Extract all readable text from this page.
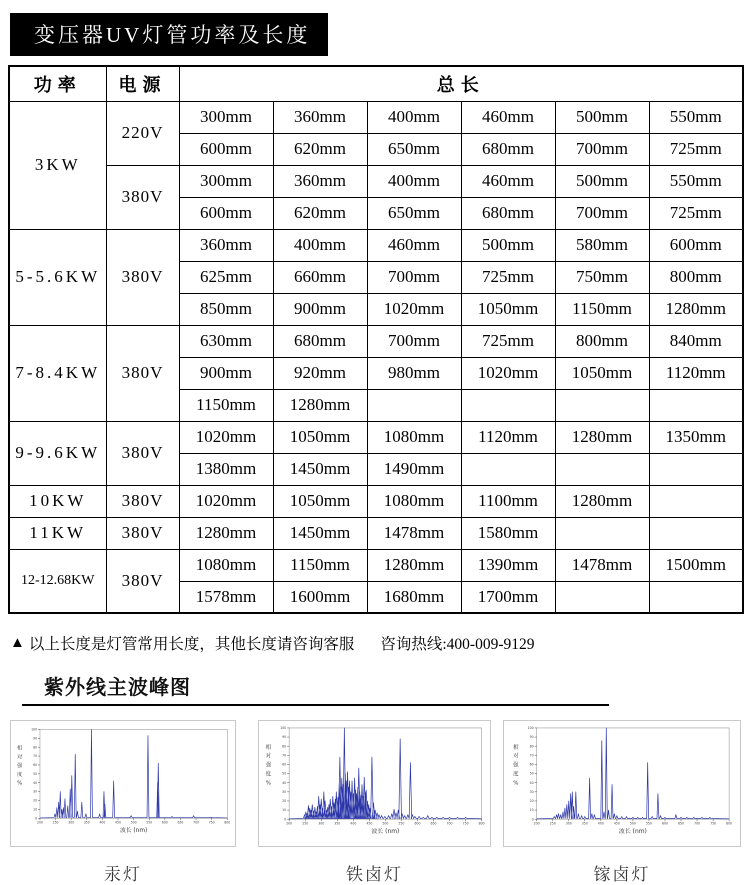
变压器UV灯管功率及长度
功率	电源	总长					
3KW	220V	300mm	360mm	400mm	460mm	500mm	550mm
		600mm	620mm	650mm	680mm	700mm	725mm
	380V	300mm	360mm	400mm	460mm	500mm	550mm
		600mm	620mm	650mm	680mm	700mm	725mm
5-5.6KW	380V	360mm	400mm	460mm	500mm	580mm	600mm
		625mm	660mm	700mm	725mm	750mm	800mm
		850mm	900mm	1020mm	1050mm	1150mm	1280mm
7-8.4KW	380V	630mm	680mm	700mm	725mm	800mm	840mm
		900mm	920mm	980mm	1020mm	1050mm	1120mm
		1150mm	1280mm				
9-9.6KW	380V	1020mm	1050mm	1080mm	1120mm	1280mm	1350mm
		1380mm	1450mm	1490mm			
10KW	380V	1020mm	1050mm	1080mm	1100mm	1280mm	
11KW	380V	1280mm	1450mm	1478mm	1580mm		
12-12.68KW	380V	1080mm	1150mm	1280mm	1390mm	1478mm	1500mm
		1578mm	1600mm	1680mm	1700mm		
▲ 以上长度是灯管常用长度，其他长度请咨询客服 咨询热线:400-009-9129
紫外线主波峰图
0
10
20
30
40
50
60
70
80
90
100
200	250	300	350	400	450	500	550	600	650	700	750	800
相
对
强
度
%
波长 (nm)
汞灯
0
10
20
30
40
50
60
70
80
90
100
200	250	300	350	400	450	500	550	600	650	700	750	800
相
对
强
度
%
波长 (nm)
铁卤灯
0
10
20
30
40
50
60
70
80
90
100
200	250	300	350	400	450	500	550	600	650	700	750	800
相
对
强
度
%
波长 (nm)
镓卤灯
